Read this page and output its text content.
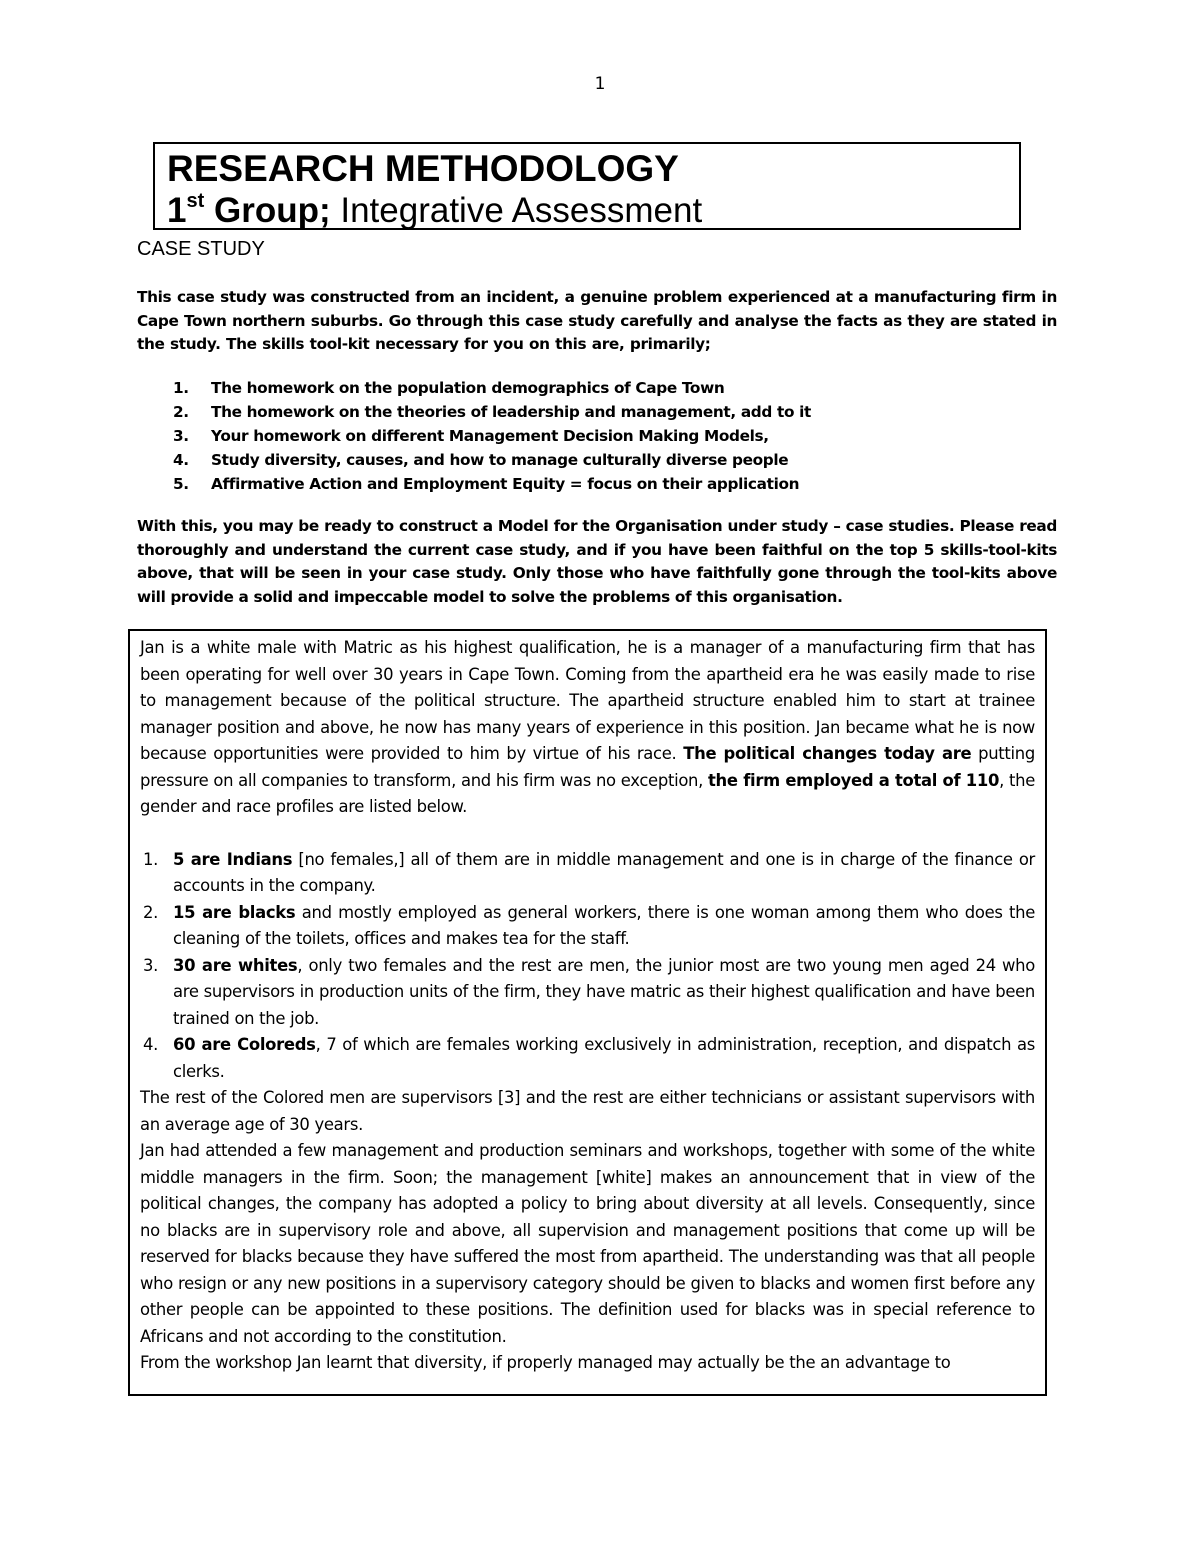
1
RESEARCH METHODOLOGY
1st Group; Integrative Assessment
CASE STUDY
This case study was constructed from an incident, a genuine problem experienced at a manufacturing firm in Cape Town northern suburbs. Go through this case study carefully and analyse the facts as they are stated in the study. The skills tool-kit necessary for you on this are, primarily;
1. The homework on the population demographics of Cape Town
2. The homework on the theories of leadership and management, add to it
3. Your homework on different Management Decision Making Models,
4. Study diversity, causes, and how to manage culturally diverse people
5. Affirmative Action and Employment Equity = focus on their application
With this, you may be ready to construct a Model for the Organisation under study – case studies. Please read thoroughly and understand the current case study, and if you have been faithful on the top 5 skills-tool-kits above, that will be seen in your case study. Only those who have faithfully gone through the tool-kits above will provide a solid and impeccable model to solve the problems of this organisation.

Jan is a white male with Matric as his highest qualification, he is a manager of a manufacturing firm that has been operating for well over 30 years in Cape Town. Coming from the apartheid era he was easily made to rise to management because of the political structure. The apartheid structure enabled him to start at trainee manager position and above, he now has many years of experience in this position. Jan became what he is now because opportunities were provided to him by virtue of his race. The political changes today are putting pressure on all companies to transform, and his firm was no exception, the firm employed a total of 110, the gender and race profiles are listed below.

1. 5 are Indians [no females,] all of them are in middle management and one is in charge of the finance or accounts in the company.
2. 15 are blacks and mostly employed as general workers, there is one woman among them who does the cleaning of the toilets, offices and makes tea for the staff.
3. 30 are whites, only two females and the rest are men, the junior most are two young men aged 24 who are supervisors in production units of the firm, they have matric as their highest qualification and have been trained on the job.
4. 60 are Coloreds, 7 of which are females working exclusively in administration, reception, and dispatch as clerks.

The rest of the Colored men are supervisors [3] and the rest are either technicians or assistant supervisors with an average age of 30 years.

Jan had attended a few management and production seminars and workshops, together with some of the white middle managers in the firm. Soon; the management [white] makes an announcement that in view of the political changes, the company has adopted a policy to bring about diversity at all levels. Consequently, since no blacks are in supervisory role and above, all supervision and management positions that come up will be reserved for blacks because they have suffered the most from apartheid. The understanding was that all people who resign or any new positions in a supervisory category should be given to blacks and women first before any other people can be appointed to these positions. The definition used for blacks was in special reference to Africans and not according to the constitution.

From the workshop Jan learnt that diversity, if properly managed may actually be the an advantage to
